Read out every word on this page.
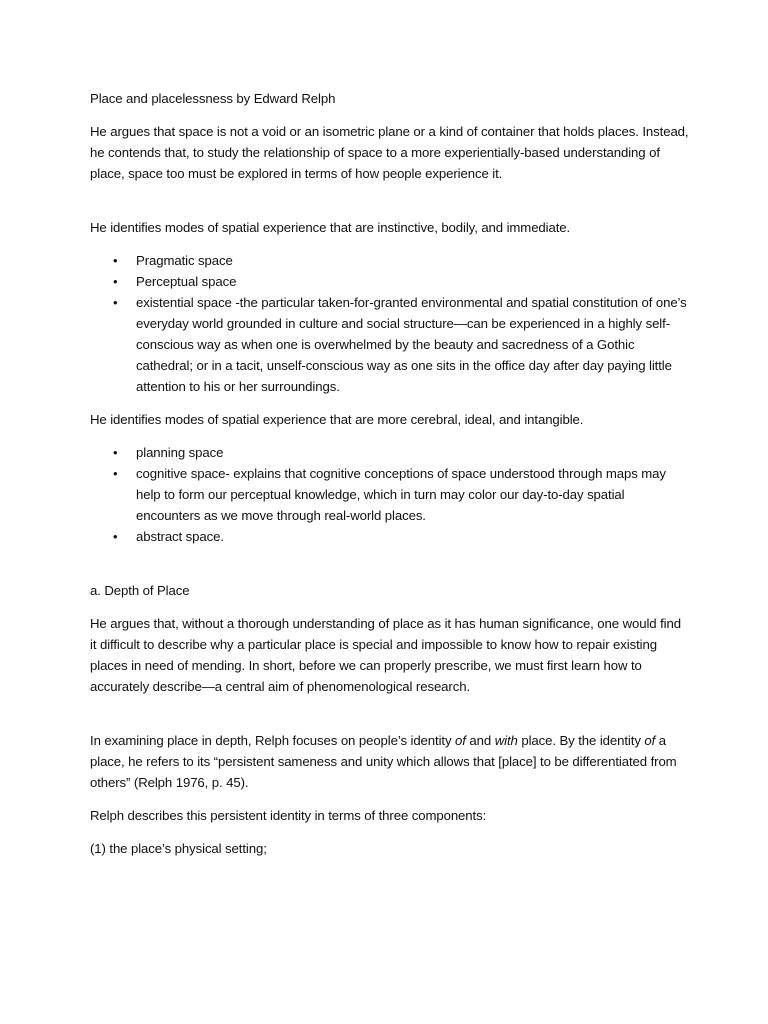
Place and placelessness by Edward Relph

He argues that space is not a void or an isometric plane or a kind of container that holds places. Instead, he contends that, to study the relationship of space to a more experientially-based understanding of place, space too must be explored in terms of how people experience it.

He identifies modes of spatial experience that are instinctive, bodily, and immediate.

• Pragmatic space
• Perceptual space
• existential space -the particular taken-for-granted environmental and spatial constitution of one’s everyday world grounded in culture and social structure—can be experienced in a highly self-conscious way as when one is overwhelmed by the beauty and sacredness of a Gothic cathedral; or in a tacit, unself-conscious way as one sits in the office day after day paying little attention to his or her surroundings.

He identifies modes of spatial experience that are more cerebral, ideal, and intangible.

• planning space
• cognitive space- explains that cognitive conceptions of space understood through maps may help to form our perceptual knowledge, which in turn may color our day-to-day spatial encounters as we move through real-world places.
• abstract space.

a. Depth of Place

He argues that, without a thorough understanding of place as it has human significance, one would find it difficult to describe why a particular place is special and impossible to know how to repair existing places in need of mending. In short, before we can properly prescribe, we must first learn how to accurately describe—a central aim of phenomenological research.

In examining place in depth, Relph focuses on people’s identity of and with place. By the identity of a place, he refers to its “persistent sameness and unity which allows that [place] to be differentiated from others” (Relph 1976, p. 45).

Relph describes this persistent identity in terms of three components:

(1) the place’s physical setting;
